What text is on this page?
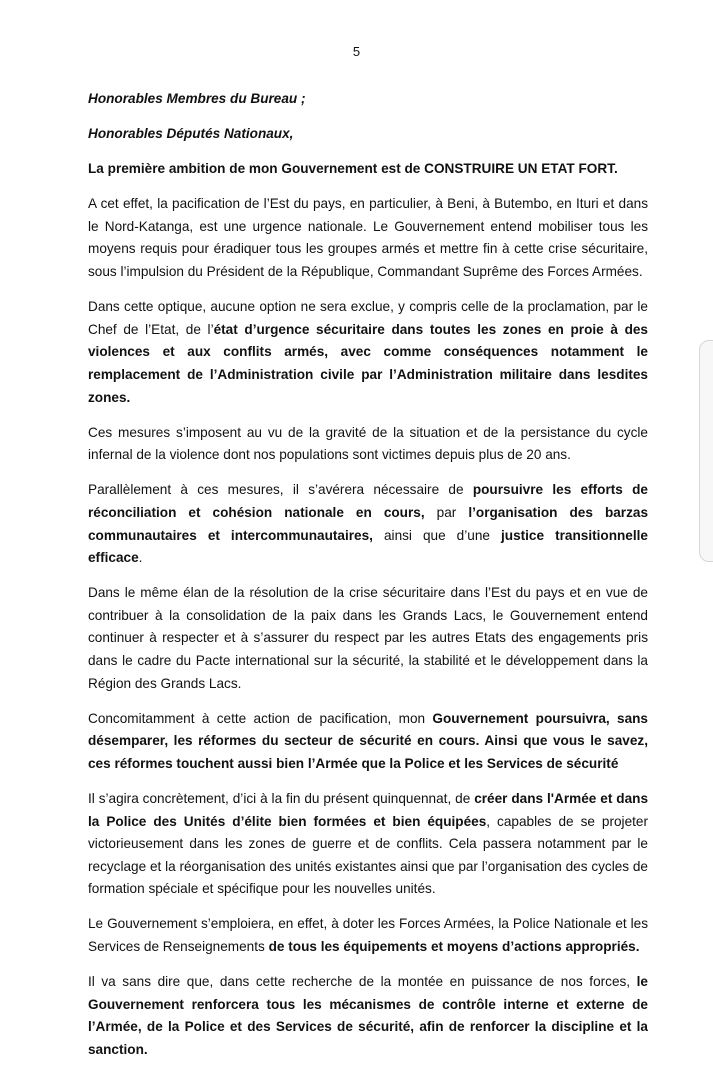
5

Honorables Membres du Bureau ;

Honorables Députés Nationaux,

La première ambition de mon Gouvernement est de CONSTRUIRE UN ETAT FORT.

A cet effet, la pacification de l’Est du pays, en particulier, à Beni, à Butembo, en Ituri et dans le Nord-Katanga, est une urgence nationale. Le Gouvernement entend mobiliser tous les moyens requis pour éradiquer tous les groupes armés et mettre fin à cette crise sécuritaire, sous l’impulsion du Président de la République, Commandant Suprême des Forces Armées.

Dans cette optique, aucune option ne sera exclue, y compris celle de la proclamation, par le Chef de l’Etat, de l’état d’urgence sécuritaire dans toutes les zones en proie à des violences et aux conflits armés, avec comme conséquences notamment le remplacement de l’Administration civile par l’Administration militaire dans lesdites zones.

Ces mesures s’imposent au vu de la gravité de la situation et de la persistance du cycle infernal de la violence dont nos populations sont victimes depuis plus de 20 ans.

Parallèlement à ces mesures, il s’avérera nécessaire de poursuivre les efforts de réconciliation et cohésion nationale en cours, par l’organisation des barzas communautaires et intercommunautaires, ainsi que d’une justice transitionnelle efficace.

Dans le même élan de la résolution de la crise sécuritaire dans l’Est du pays et en vue de contribuer à la consolidation de la paix dans les Grands Lacs, le Gouvernement entend continuer à respecter et à s’assurer du respect par les autres Etats des engagements pris dans le cadre du Pacte international sur la sécurité, la stabilité et le développement dans la Région des Grands Lacs.

Concomitamment à cette action de pacification, mon Gouvernement poursuivra, sans désemparer, les réformes du secteur de sécurité en cours. Ainsi que vous le savez, ces réformes touchent aussi bien l’Armée que la Police et les Services de sécurité

Il s’agira concrètement, d’ici à la fin du présent quinquennat, de créer dans l'Armée et dans la Police des Unités d’élite bien formées et bien équipées, capables de se projeter victorieusement dans les zones de guerre et de conflits. Cela passera notamment par le recyclage et la réorganisation des unités existantes ainsi que par l’organisation des cycles de formation spéciale et spécifique pour les nouvelles unités.

Le Gouvernement s’emploiera, en effet, à doter les Forces Armées, la Police Nationale et les Services de Renseignements de tous les équipements et moyens d’actions appropriés.

Il va sans dire que, dans cette recherche de la montée en puissance de nos forces, le Gouvernement renforcera tous les mécanismes de contrôle interne et externe de l’Armée, de la Police et des Services de sécurité, afin de renforcer la discipline et la sanction.
